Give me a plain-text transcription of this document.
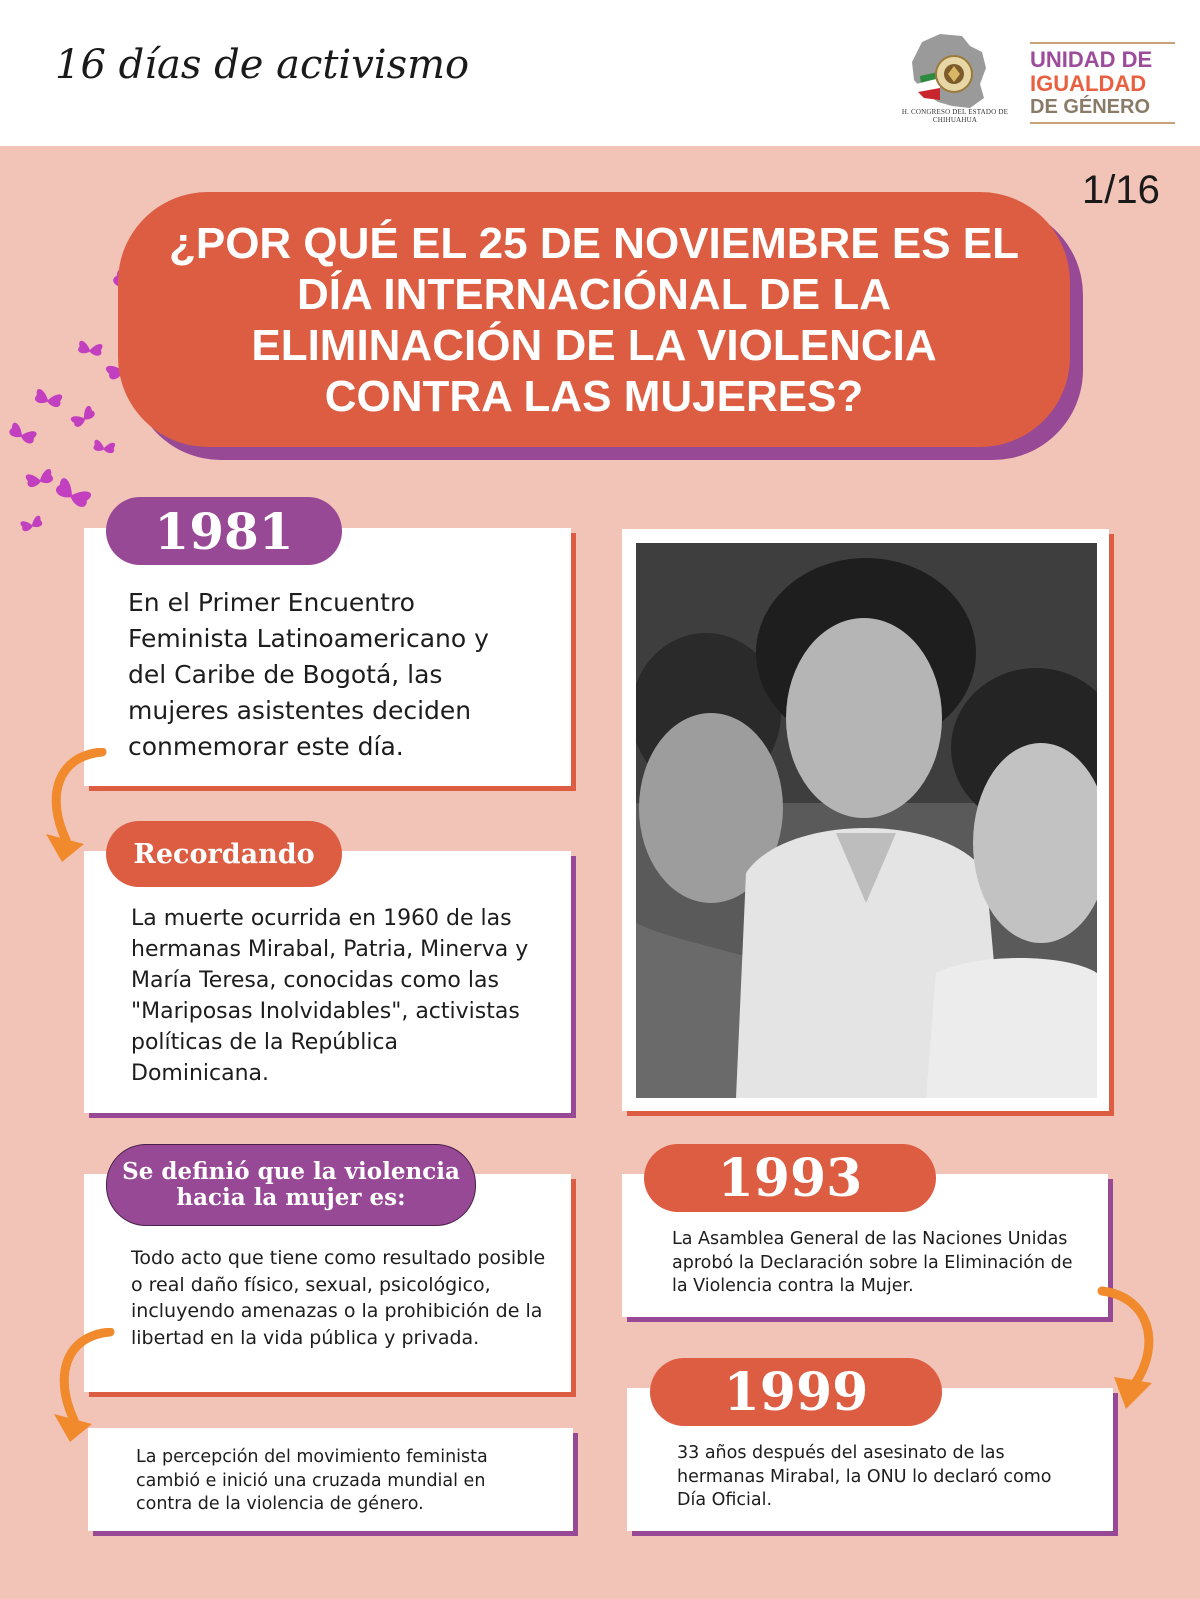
16 días de activismo
H. CONGRESO DEL ESTADO DE CHIHUAHUA
UNIDAD DE
IGUALDAD
DE GÉNERO
1/16
¿POR QUÉ EL 25 DE NOVIEMBRE ES EL DÍA INTERNACIÓNAL DE LA ELIMINACIÓN DE LA VIOLENCIA CONTRA LAS MUJERES?
En el Primer Encuentro Feminista Latinoamericano y del Caribe de Bogotá, las mujeres asistentes deciden conmemorar este día.
1981
La muerte ocurrida en 1960 de las hermanas Mirabal, Patria, Minerva y María Teresa, conocidas como las "Mariposas Inolvidables", activistas políticas de la República Dominicana.
Recordando
Todo acto que tiene como resultado posible o real daño físico, sexual, psicológico, incluyendo amenazas o la prohibición de la libertad en la vida pública y privada.
Se definió que la violencia hacia la mujer es:
La percepción del movimiento feminista cambió e inició una cruzada mundial en contra de la violencia de género.
La Asamblea General de las Naciones Unidas aprobó la Declaración sobre la Eliminación de la Violencia contra la Mujer.
1993
33 años después del asesinato de las hermanas Mirabal, la ONU lo declaró como Día Oficial.
1999
